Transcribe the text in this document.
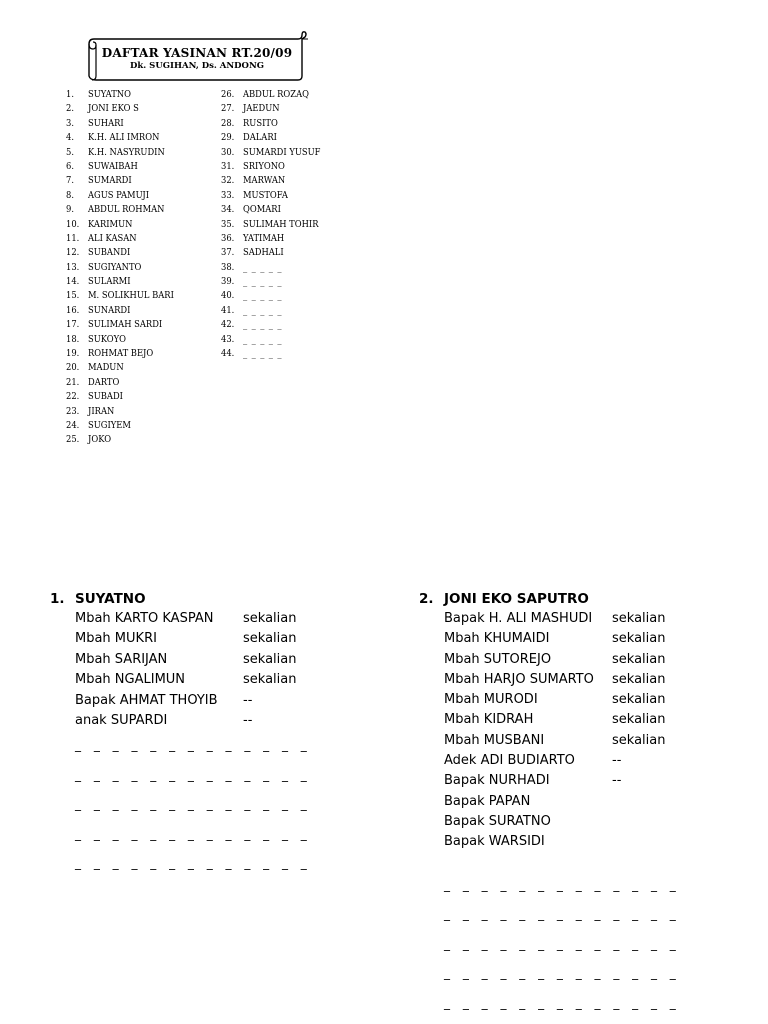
DAFTAR YASINAN RT.20/09
Dk. SUGIHAN, Ds. ANDONG
1. SUYATNO
2. JONI EKO S
3. SUHARI
4. K.H. ALI IMRON
5. K.H. NASYRUDIN
6. SUWAIBAH
7. SUMARDI
8. AGUS PAMUJI
9. ABDUL ROHMAN
10. KARIMUN
11. ALI KASAN
12. SUBANDI
13. SUGIYANTO
14. SULARMI
15. M. SOLIKHUL BARI
16. SUNARDI
17. SULIMAH SARDI
18. SUKOYO
19. ROHMAT BEJO
20. MADUN
21. DARTO
22. SUBADI
23. JIRAN
24. SUGIYEM
25. JOKO
26. ABDUL ROZAQ
27. JAEDUN
28. RUSITO
29. DALARI
30. SUMARDI YUSUF
31. SRIYONO
32. MARWAN
33. MUSTOFA
34. QOMARI
35. SULIMAH TOHIR
36. YATIMAH
37. SADHALI
38. _ _ _ _ _
39. _ _ _ _ _
40. _ _ _ _ _
41. _ _ _ _ _
42. _ _ _ _ _
43. _ _ _ _ _
44. _ _ _ _ _
1. SUYATNO
Mbah KARTO KASPAN	sekalian
Mbah MUKRI	sekalian
Mbah SARIJAN	sekalian
Mbah NGALIMUN	sekalian
Bapak AHMAT THOYIB	--
anak SUPARDI	--
_ _ _ _ _ _ _ _ _ _ _ _ _
_ _ _ _ _ _ _ _ _ _ _ _ _
_ _ _ _ _ _ _ _ _ _ _ _ _
_ _ _ _ _ _ _ _ _ _ _ _ _
_ _ _ _ _ _ _ _ _ _ _ _ _
2. JONI EKO SAPUTRO
Bapak H. ALI MASHUDI	sekalian
Mbah KHUMAIDI	sekalian
Mbah SUTOREJO	sekalian
Mbah HARJO SUMARTO	sekalian
Mbah MURODI	sekalian
Mbah KIDRAH	sekalian
Mbah MUSBANI	sekalian
Adek ADI BUDIARTO	--
Bapak NURHADI	--
Bapak PAPAN
Bapak SURATNO
Bapak WARSIDI
_ _ _ _ _ _ _ _ _ _ _ _ _
_ _ _ _ _ _ _ _ _ _ _ _ _
_ _ _ _ _ _ _ _ _ _ _ _ _
_ _ _ _ _ _ _ _ _ _ _ _ _
_ _ _ _ _ _ _ _ _ _ _ _ _
